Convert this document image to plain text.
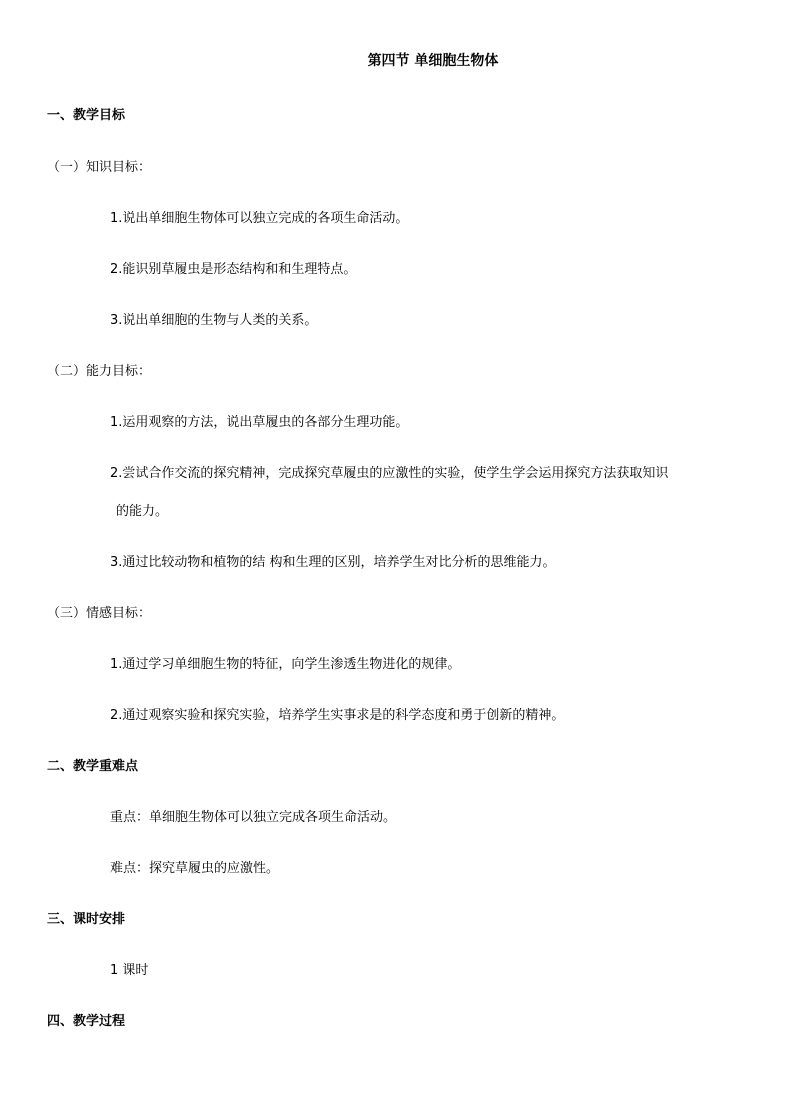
第四节 单细胞生物体
一、教学目标
（一）知识目标：
1.说出单细胞生物体可以独立完成的各项生命活动。
2.能识别草履虫是形态结构和和生理特点。
3.说出单细胞的生物与人类的关系。
（二）能力目标：
1.运用观察的方法，说出草履虫的各部分生理功能。
2.尝试合作交流的探究精神，完成探究草履虫的应激性的实验，使学生学会运用探究方法获取知识
的能力。
3.通过比较动物和植物的结 构和生理的区别，培养学生对比分析的思维能力。
（三）情感目标：
1.通过学习单细胞生物的特征，向学生渗透生物进化的规律。
2.通过观察实验和探究实验，培养学生实事求是的科学态度和勇于创新的精神。
二、教学重难点
重点：单细胞生物体可以独立完成各项生命活动。
难点：探究草履虫的应激性。
三、课时安排
1 课时
四、教学过程
